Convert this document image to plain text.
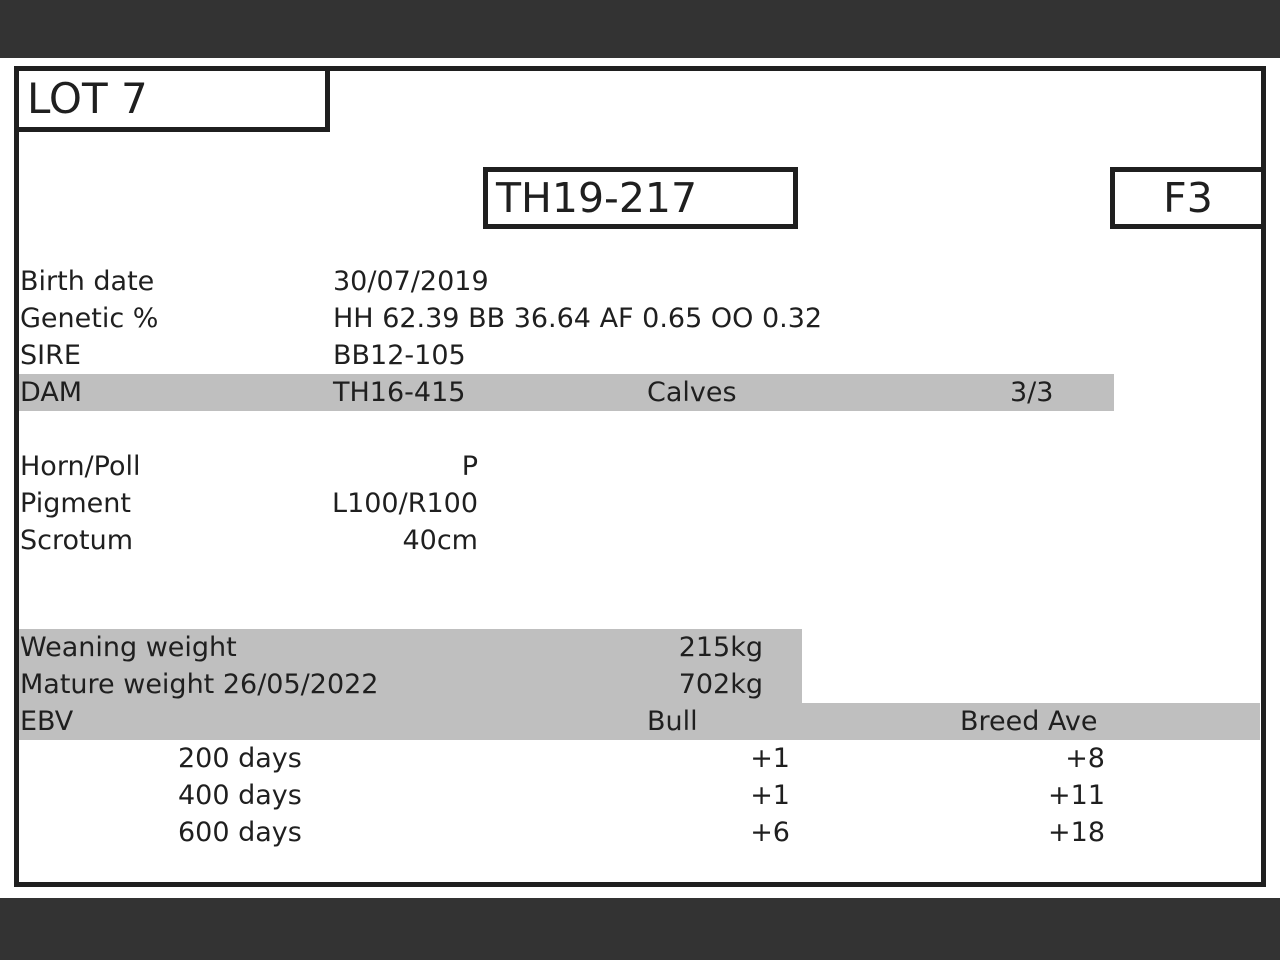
LOT 7
TH19-217	F3
Birth date	30/07/2019
Genetic %	HH 62.39 BB 36.64 AF 0.65 OO 0.32
SIRE	BB12-105
DAM	TH16-415	Calves	3/3
Horn/Poll	P
Pigment	L100/R100
Scrotum	40cm
Weaning weight	215kg
Mature weight 26/05/2022	702kg
EBV	Bull	Breed Ave
200 days	+1	+8
400 days	+1	+11
600 days	+6	+18
